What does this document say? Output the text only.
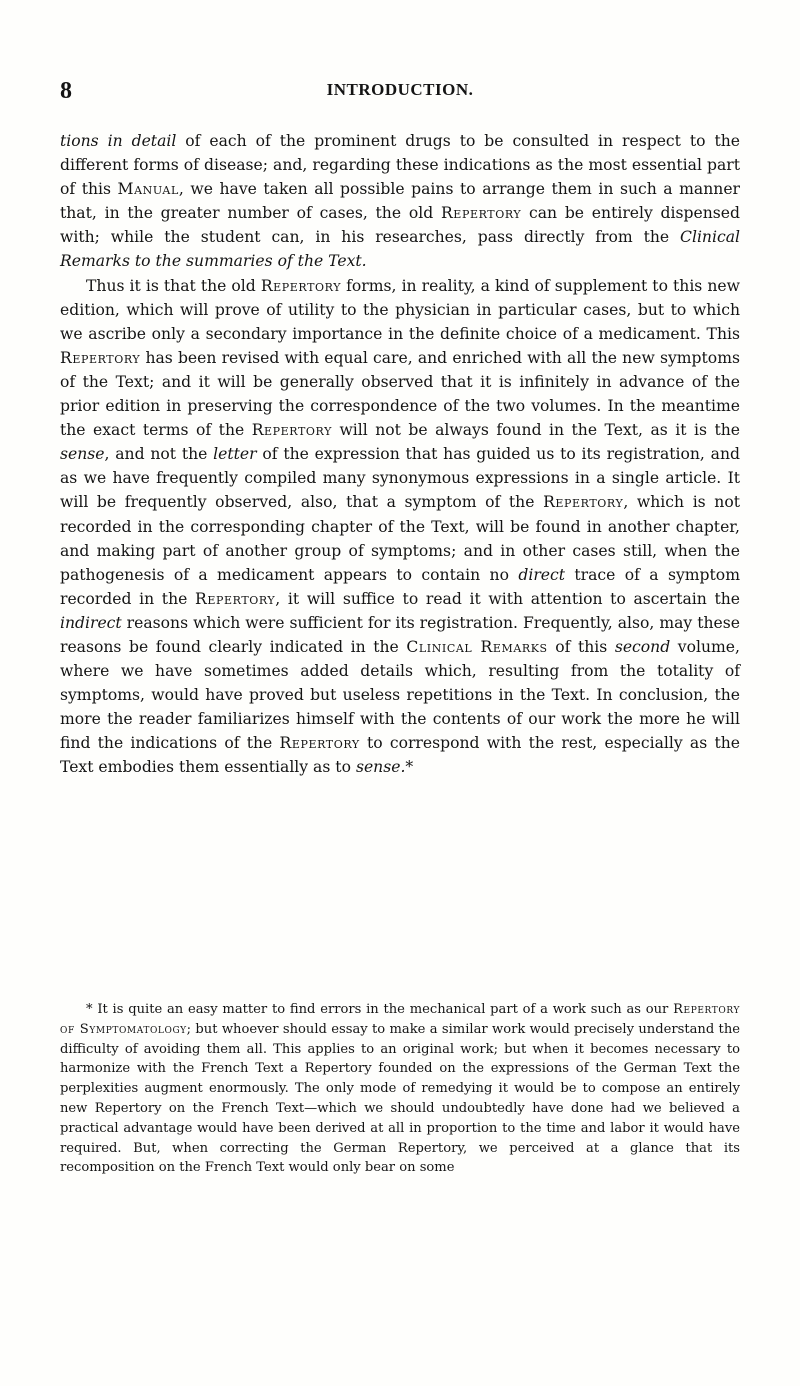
8	INTRODUCTION.

tions in detail of each of the prominent drugs to be consulted in respect to the different forms of disease; and, regarding these indications as the most essential part of this Manual, we have taken all possible pains to arrange them in such a manner that, in the greater number of cases, the old Repertory can be entirely dispensed with; while the student can, in his researches, pass directly from the Clinical Remarks to the summaries of the Text.

Thus it is that the old Repertory forms, in reality, a kind of supplement to this new edition, which will prove of utility to the physician in particular cases, but to which we ascribe only a secondary importance in the definite choice of a medicament. This Repertory has been revised with equal care, and enriched with all the new symptoms of the Text; and it will be generally observed that it is infinitely in advance of the prior edition in preserving the correspondence of the two volumes. In the meantime the exact terms of the Repertory will not be always found in the Text, as it is the sense, and not the letter of the expression that has guided us to its registration, and as we have frequently compiled many synonymous expressions in a single article. It will be frequently observed, also, that a symptom of the Repertory, which is not recorded in the corresponding chapter of the Text, will be found in another chapter, and making part of another group of symptoms; and in other cases still, when the pathogenesis of a medicament appears to contain no direct trace of a symptom recorded in the Repertory, it will suffice to read it with attention to ascertain the indirect reasons which were sufficient for its registration. Frequently, also, may these reasons be found clearly indicated in the Clinical Remarks of this second volume, where we have sometimes added details which, resulting from the totality of symptoms, would have proved but useless repetitions in the Text. In conclusion, the more the reader familiarizes himself with the contents of our work the more he will find the indications of the Repertory to correspond with the rest, especially as the Text embodies them essentially as to sense.*

* It is quite an easy matter to find errors in the mechanical part of a work such as our Repertory of Symptomatology; but whoever should essay to make a similar work would precisely understand the difficulty of avoiding them all. This applies to an original work; but when it becomes necessary to harmonize with the French Text a Repertory founded on the expressions of the German Text the perplexities augment enormously. The only mode of remedying it would be to compose an entirely new Repertory on the French Text—which we should undoubtedly have done had we believed a practical advantage would have been derived at all in proportion to the time and labor it would have required. But, when correcting the German Repertory, we perceived at a glance that its recomposition on the French Text would only bear on some
